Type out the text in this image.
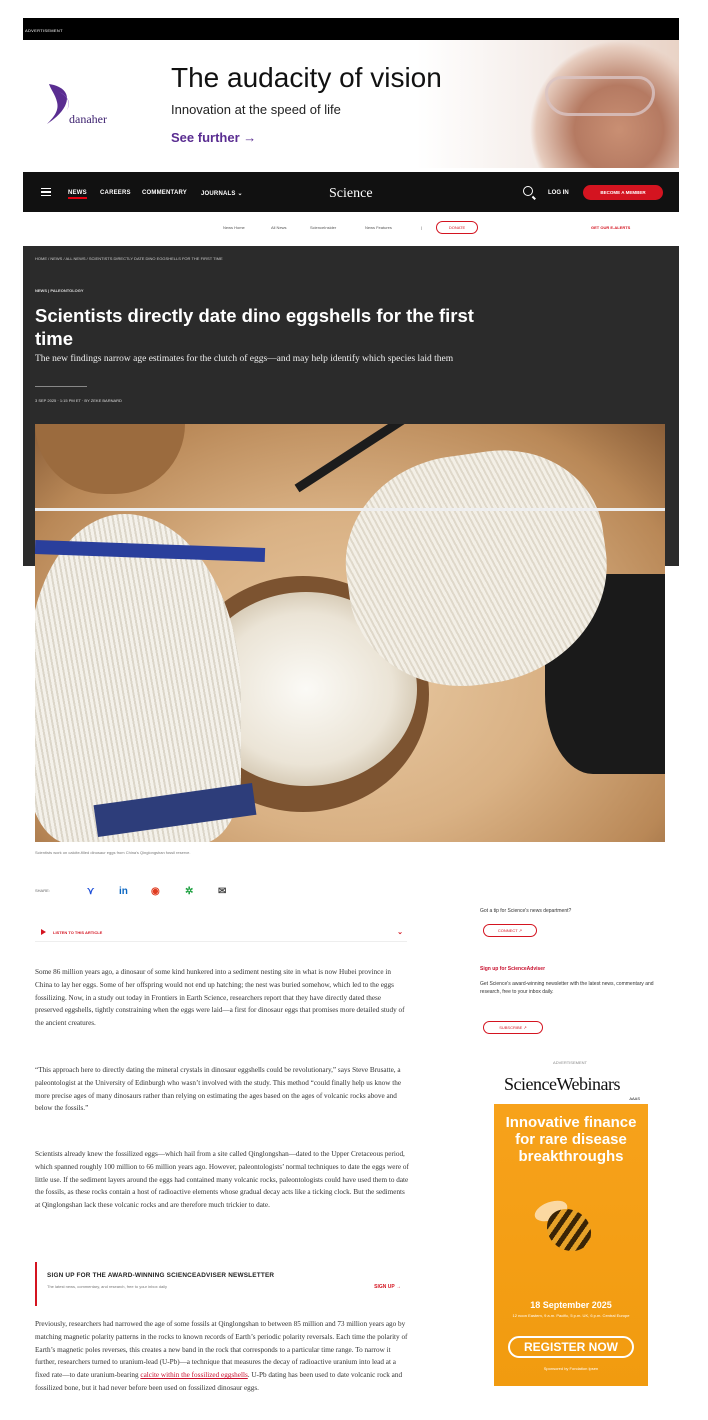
ADVERTISEMENT
danaher
The audacity of vision
Innovation at the speed of life
See further →
NEWS CAREERS COMMENTARY JOURNALS ⌄	Science	LOG IN	BECOME A MEMBER
News Home	All News	ScienceInsider	News Features	|	DONATE	GET OUR E-ALERTS
HOME / NEWS / ALL NEWS / SCIENTISTS DIRECTLY DATE DINO EGGSHELLS FOR THE FIRST TIME
NEWS | PALEONTOLOGY
Scientists directly date dino eggshells for the first time
The new findings narrow age estimates for the clutch of eggs—and may help identify which species laid them
3 SEP 2025 · 1:15 PM ET · BY ZEKE BARNARD
Scientists work on calcite-filled dinosaur eggs from China's Qinglongshan fossil reserve.
SHARE:	⋎ in ◉	✲ ✉
LISTEN TO THIS ARTICLE	⌄

Some 86 million years ago, a dinosaur of some kind hunkered into a sediment nesting site in what is now Hubei province in China to lay her eggs. Some of her offspring would not end up hatching; the nest was buried somehow, which led to the eggs fossilizing. Now, in a study out today in Frontiers in Earth Science, researchers report that they have directly dated these preserved eggshells, tightly constraining when the eggs were laid—a first for dinosaur eggs that promises more detailed study of the ancient creatures.

“This approach here to directly dating the mineral crystals in dinosaur eggshells could be revolutionary,” says Steve Brusatte, a paleontologist at the University of Edinburgh who wasn’t involved with the study. This method “could finally help us know the more precise ages of many dinosaurs rather than relying on estimating the ages based on the ages of volcanic rocks above and below the fossils.”

Scientists already knew the fossilized eggs—which hail from a site called Qinglongshan—dated to the Upper Cretaceous period, which spanned roughly 100 million to 66 million years ago. However, paleontologists’ normal techniques to date the eggs were of little use. If the sediment layers around the eggs had contained many volcanic rocks, paleontologists could have used them to date the fossils, as these rocks contain a host of radioactive elements whose gradual decay acts like a ticking clock. But the sediments at Qinglongshan lack these volcanic rocks and are therefore much trickier to date.

Previously, researchers had narrowed the age of some fossils at Qinglongshan to between 85 million and 73 million years ago by matching magnetic polarity patterns in the rocks to known records of Earth’s periodic polarity reversals. Each time the polarity of Earth’s magnetic poles reverses, this creates a new band in the rock that corresponds to a particular time range. To narrow it further, researchers turned to uranium-lead (U-Pb)—a technique that measures the decay of radioactive uranium into lead at a fixed rate—to date uranium-bearing calcite within the fossilized eggshells. U-Pb dating has been used to date volcanic rock and fossilized bone, but it had never before been used on fossilized dinosaur eggs.

SIGN UP FOR THE AWARD-WINNING SCIENCEADVISER NEWSLETTER
The latest news, commentary, and research, free to your inbox daily	SIGN UP →
Got a tip for Science's news department?
CONNECT ↗
Sign up for ScienceAdviser
Get Science's award-winning newsletter with the latest news, commentary and research, free to your inbox daily.
SUBSCRIBE ↗
ADVERTISEMENT
ScienceWebinars
AAAS
Innovative finance for rare disease breakthroughs
18 September 2025
12 noon Eastern, 9 a.m. Pacific, 5 p.m. UK, 6 p.m. Central Europe
REGISTER NOW
Sponsored by Fondation Ipsen
